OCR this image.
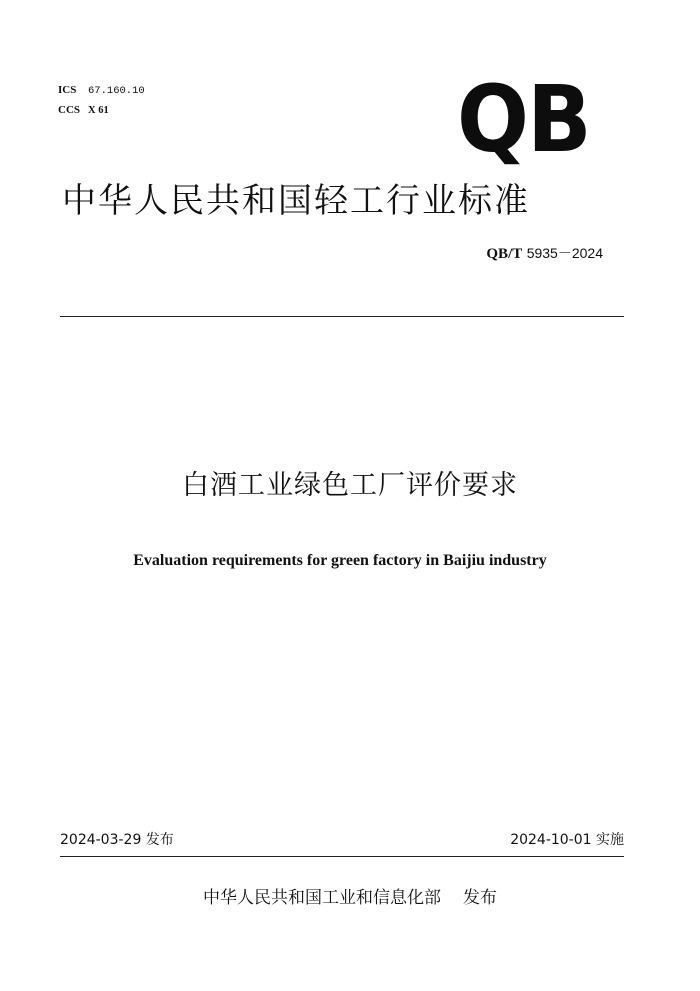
ICS 67.160.10
CCS X 61	QB
中华人民共和国轻工行业标准
QB/T 5935－2024
白酒工业绿色工厂评价要求
Evaluation requirements for green factory in Baijiu industry
2024-03-29 发布	2024-10-01 实施
中华人民共和国工业和信息化部 发布
